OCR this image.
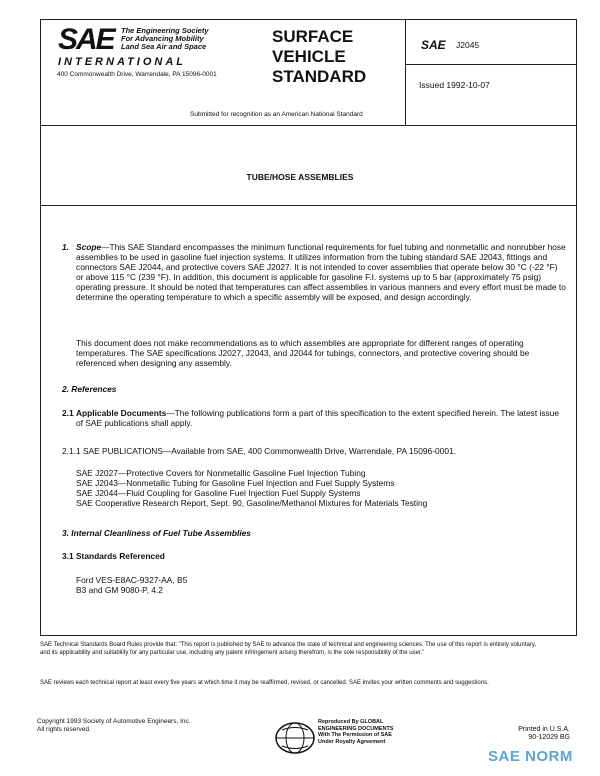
SAE The Engineering Society
For Advancing Mobility
Land Sea Air and Space
INTERNATIONAL
400 Commonwealth Drive, Warrendale, PA 15096-0001
SURFACE
VEHICLE
STANDARD
SAE J2045
Issued 1992-10-07
Submitted for recognition as an American National Standard
TUBE/HOSE ASSEMBLIES
1. Scope—This SAE Standard encompasses the minimum functional requirements for fuel tubing and nonmetallic and nonrubber hose assemblies to be used in gasoline fuel injection systems. It utilizes information from the tubing standard SAE J2043, fittings and connectors SAE J2044, and protective covers SAE J2027. It is not intended to cover assemblies that operate below 30 °C (-22 °F) or above 115 °C (239 °F). In addition, this document is applicable for gasoline F.I. systems up to 5 bar (approximately 75 psig) operating pressure. It should be noted that temperatures can affect assemblies in various manners and every effort must be made to determine the operating temperature to which a specific assembly will be exposed, and design accordingly.
This document does not make recommendations as to which assemblies are appropriate for different ranges of operating temperatures. The SAE specifications J2027, J2043, and J2044 for tubings, connectors, and protective covering should be referenced when designing any assembly.
2. References
2.1 Applicable Documents—The following publications form a part of this specification to the extent specified herein. The latest issue of SAE publications shall apply.
2.1.1 SAE PUBLICATIONS—Available from SAE, 400 Commonwealth Drive, Warrendale, PA 15096-0001.
SAE J2027—Protective Covers for Nonmetallic Gasoline Fuel Injection Tubing
SAE J2043—Nonmetallic Tubing for Gasoline Fuel Injection and Fuel Supply Systems
SAE J2044—Fluid Coupling for Gasoline Fuel Injection Fuel Supply Systems
SAE Cooperative Research Report, Sept. 90, Gasoline/Methanol Mixtures for Materials Testing
3. Internal Cleanliness of Fuel Tube Assemblies
3.1 Standards Referenced
Ford VES-E8AC-9327-AA, B5
B3 and GM 9080-P, 4.2
SAE Technical Standards Board Rules provide that: "This report is published by SAE to advance the state of technical and engineering sciences. The use of this report is entirely voluntary, and its applicability and suitability for any particular use, including any patent infringement arising therefrom, is the sole responsibility of the user."
SAE reviews each technical report at least every five years at which time it may be reaffirmed, revised, or cancelled. SAE invites your written comments and suggestions.
Copyright 1993 Society of Automotive Engineers, Inc.
All rights reserved.
Reproduced By GLOBAL
ENGINEERING DOCUMENTS
With The Permission of SAE
Under Royalty Agreement
Printed in U.S.A.
90-12029 BG
SAE NORM
